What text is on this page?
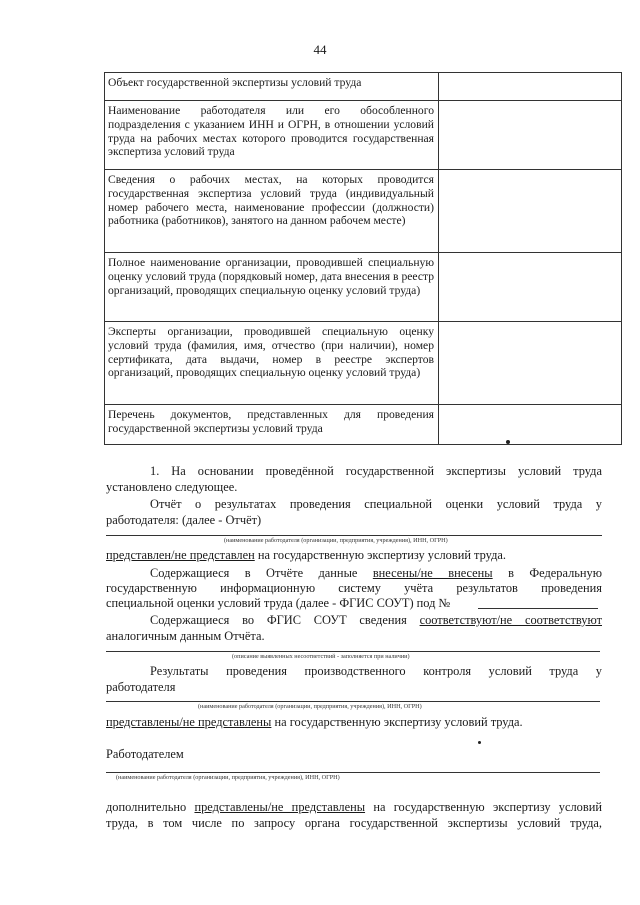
44
Объект государственной экспертизы условий труда	
Наименование работодателя или его обособленного подразделения с указанием ИНН и ОГРН, в отношении условий труда на рабочих местах которого проводится государственная экспертиза условий труда	
Сведения о рабочих местах, на которых проводится государственная экспертиза условий труда (индивидуальный номер рабочего места, наименование профессии (должности) работника (работников), занятого на данном рабочем месте)	
Полное наименование организации, проводившей специальную оценку условий труда (порядковый номер, дата внесения в реестр организаций, проводящих специальную оценку условий труда)	
Эксперты организации, проводившей специальную оценку условий труда (фамилия, имя, отчество (при наличии), номер сертификата, дата выдачи, номер в реестре экспертов организаций, проводящих специальную оценку условий труда)	
Перечень документов, представленных для проведения государственной экспертизы условий труда	
1. На основании проведённой государственной экспертизы условий труда
установлено следующее.
Отчёт о результатах проведения специальной оценки условий труда у
работодателя: (далее - Отчёт)
(наименование работодателя (организации, предприятия, учреждения), ИНН, ОГРН)
представлен/не представлен на государственную экспертизу условий труда.
Содержащиеся в Отчёте данные внесены/не внесены в Федеральную
государственную информационную систему учёта результатов проведения
специальной оценки условий труда (далее - ФГИС СОУТ) под №
Содержащиеся во ФГИС СОУТ сведения соответствуют/не соответствуют
аналогичным данным Отчёта.
(описание выявленных несоответствий - заполняется при наличии)
Результаты проведения производственного контроля условий труда у
работодателя
(наименование работодателя (организации, предприятия, учреждения), ИНН, ОГРН)
представлены/не представлены на государственную экспертизу условий труда.
Работодателем
(наименование работодателя (организации, предприятия, учреждения), ИНН, ОГРН)
дополнительно представлены/не представлены на государственную экспертизу условий
труда, в том числе по запросу органа государственной экспертизы условий труда,
